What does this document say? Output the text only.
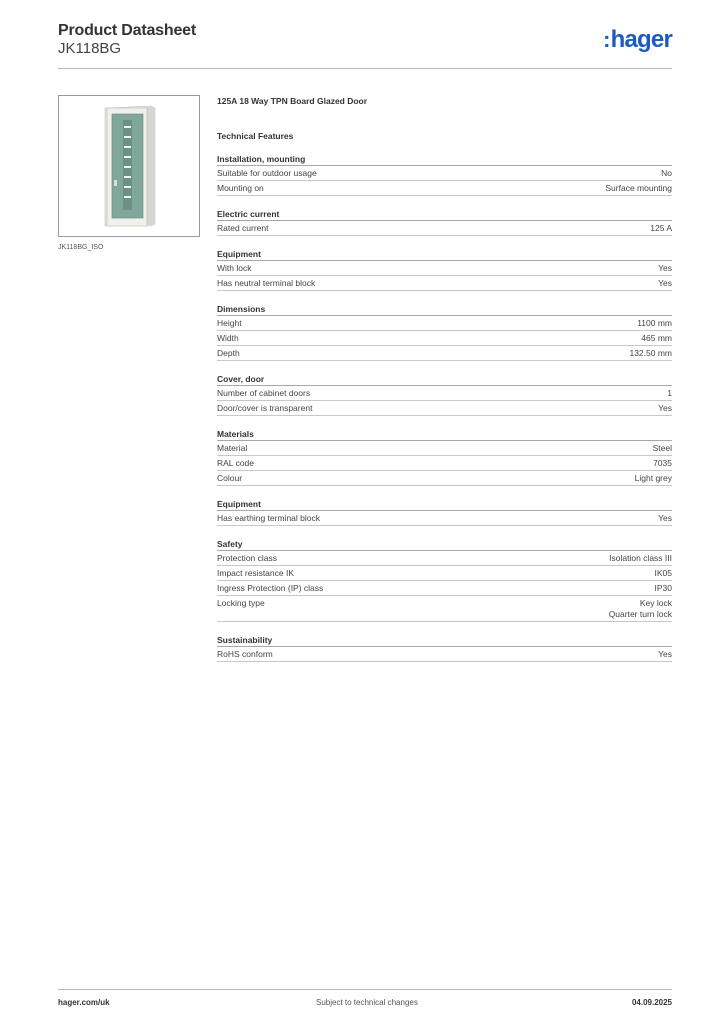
Product Datasheet
JK118BG	:hager
JK118BG_ISO
125A 18 Way TPN Board Glazed Door
Technical Features
Installation, mounting
Suitable for outdoor usage	No
Mounting on	Surface mounting
Electric current
Rated current	125 A
Equipment
With lock	Yes
Has neutral terminal block	Yes
Dimensions
Height	1100 mm
Width	465 mm
Depth	132.50 mm
Cover, door
Number of cabinet doors	1
Door/cover is transparent	Yes
Materials
Material	Steel
RAL code	7035
Colour	Light grey
Equipment
Has earthing terminal block	Yes
Safety
Protection class	Isolation class III
Impact resistance IK	IK05
Ingress Protection (IP) class	IP30
Locking type	Key lock
Quarter turn lock
Sustainability
RoHS conform	Yes
hager.com/uk	Subject to technical changes	04.09.2025
